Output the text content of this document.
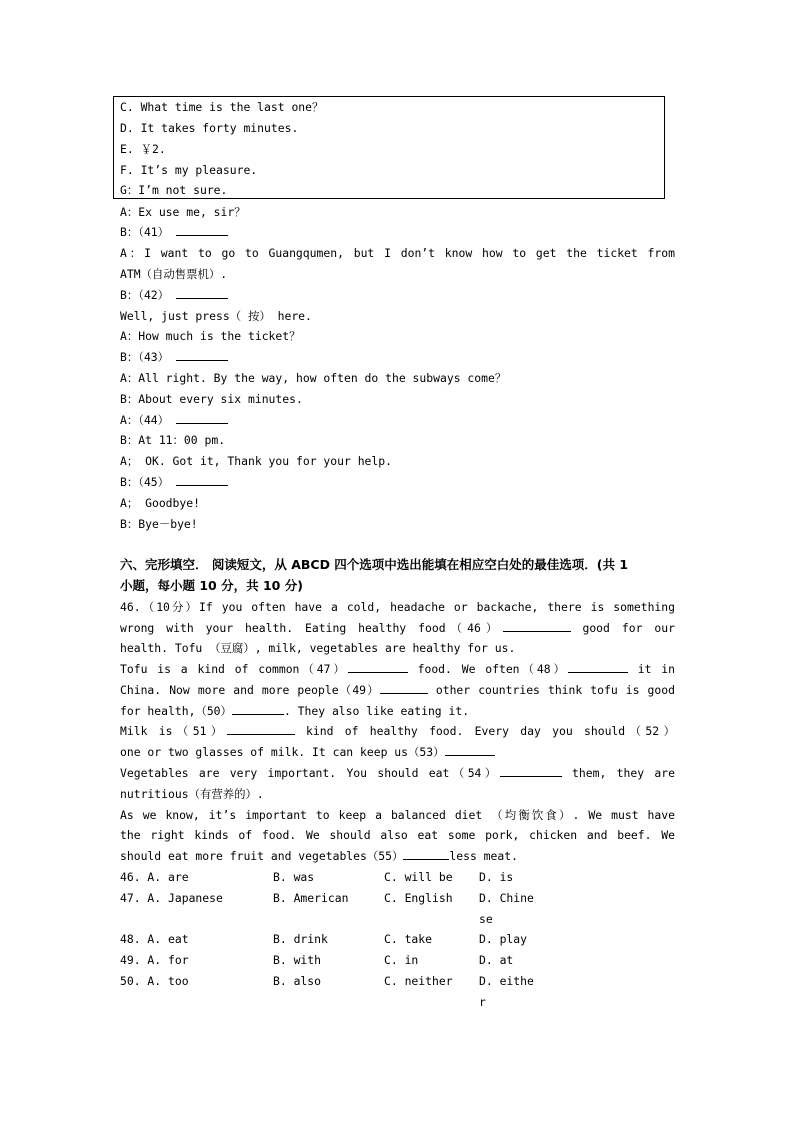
C. What time is the last one？
D. It takes forty minutes.
E. ￥2.
F. It’s my pleasure.
G：I’m not sure.
A：Ex use me, sir？
B：（41）
A：I want to go to Guangqumen, but I don’t know how to get the ticket from
ATM（自动售票机）.
B：（42）
Well, just press（ 按） here.
A：How much is the ticket？
B：（43）
A：All right. By the way, how often do the subways come？
B：About every six minutes.
A：（44）
B：At 11：00 pm.
A； OK. Got it, Thank you for your help.
B：（45）
A； Goodbye!
B：Bye－bye!
六、完形填空． 阅读短文，从 ABCD 四个选项中选出能填在相应空白处的最佳选项．(共 1
小题，每小题 10 分，共 10 分)
46.（10分）If you often have a cold, headache or backache, there is something
wrong with your health. Eating healthy food（46）	good for our
health. Tofu （豆腐）, milk, vegetables are healthy for us.
Tofu is a kind of common（47）	food. We often（48）	it in
China. Now more and more people（49）	other countries think tofu is good
for health,（50）	. They also like eating it.
Milk is（51）	kind of healthy food. Every day you should（52）
one or two glasses of milk. It can keep us（53）
Vegetables are very important. You should eat（54）	them, they are
nutritious（有营养的）.
As we know, it’s important to keep a balanced diet （均衡饮食）. We must have
the right kinds of food. We should also eat some pork, chicken and beef. We
should eat more fruit and vegetables（55）	less meat.
46. A. are	B. was	C. will be D. is
47. A. Japanese	B. American	C. English D. Chine
se
48. A. eat	B. drink	C. take	D. play
49. A. for	B. with	C. in	D. at
50. A. too	B. also	C. neither D. eithe
r
